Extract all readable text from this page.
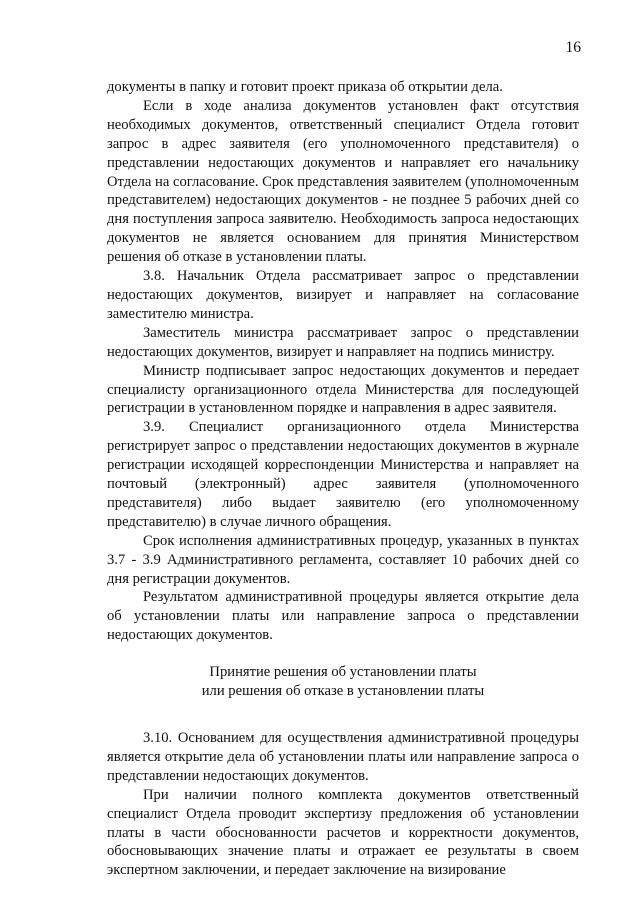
16

документы в папку и готовит проект приказа об открытии дела.

Если в ходе анализа документов установлен факт отсутствия необходимых документов, ответственный специалист Отдела готовит запрос в адрес заявителя (его уполномоченного представителя) о представлении недостающих документов и направляет его начальнику Отдела на согласование. Срок представления заявителем (уполномоченным представителем) недостающих документов - не позднее 5 рабочих дней со дня поступления запроса заявителю. Необходимость запроса недостающих документов не является основанием для принятия Министерством решения об отказе в установлении платы.

3.8. Начальник Отдела рассматривает запрос о представлении недостающих документов, визирует и направляет на согласование заместителю министра.

Заместитель министра рассматривает запрос о представлении недостающих документов, визирует и направляет на подпись министру.

Министр подписывает запрос недостающих документов и передает специалисту организационного отдела Министерства для последующей регистрации в установленном порядке и направления в адрес заявителя.

3.9. Специалист организационного отдела Министерства регистрирует запрос о представлении недостающих документов в журнале регистрации исходящей корреспонденции Министерства и направляет на почтовый (электронный) адрес заявителя (уполномоченного представителя) либо выдает заявителю (его уполномоченному представителю) в случае личного обращения.

Срок исполнения административных процедур, указанных в пунктах 3.7 - 3.9 Административного регламента, составляет 10 рабочих дней со дня регистрации документов.

Результатом административной процедуры является открытие дела об установлении платы или направление запроса о представлении недостающих документов.

Принятие решения об установлении платы
или решения об отказе в установлении платы

3.10. Основанием для осуществления административной процедуры является открытие дела об установлении платы или направление запроса о представлении недостающих документов.

При наличии полного комплекта документов ответственный специалист Отдела проводит экспертизу предложения об установлении платы в части обоснованности расчетов и корректности документов, обосновывающих значение платы и отражает ее результаты в своем экспертном заключении, и передает заключение на визирование
